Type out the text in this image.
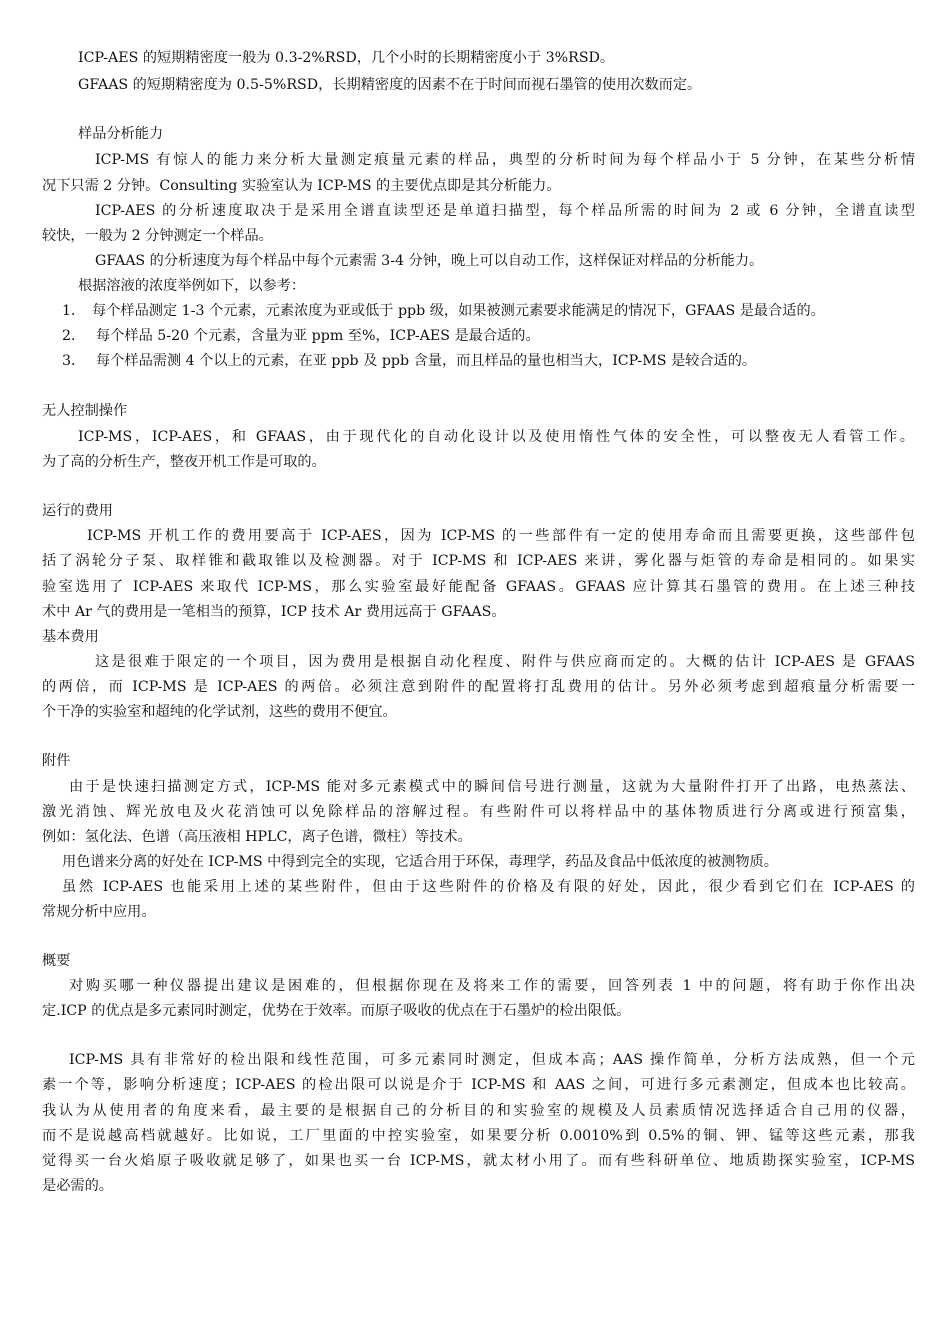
ICP-AES 的短期精密度一般为 0.3-2%RSD，几个小时的长期精密度小于 3%RSD。

GFAAS 的短期精密度为 0.5-5%RSD，长期精密度的因素不在于时间而视石墨管的使用次数而定。

样品分析能力

ICP-MS 有惊人的能力来分析大量测定痕量元素的样品，典型的分析时间为每个样品小于 5 分钟，在某些分析情

况下只需 2 分钟。Consulting 实验室认为 ICP-MS 的主要优点即是其分析能力。

ICP-AES 的分析速度取决于是采用全谱直读型还是单道扫描型，每个样品所需的时间为 2 或 6 分钟，全谱直读型

较快，一般为 2 分钟测定一个样品。

GFAAS 的分析速度为每个样品中每个元素需 3-4 分钟，晚上可以自动工作，这样保证对样品的分析能力。

根据溶液的浓度举例如下，以参考：

1． 每个样品测定 1-3 个元素，元素浓度为亚或低于 ppb 级，如果被测元素要求能满足的情况下，GFAAS 是最合适的。

2． 每个样品 5-20 个元素，含量为亚 ppm 至%，ICP-AES 是最合适的。

3． 每个样品需测 4 个以上的元素，在亚 ppb 及 ppb 含量，而且样品的量也相当大，ICP-MS 是较合适的。

无人控制操作

ICP-MS，ICP-AES，和 GFAAS，由于现代化的自动化设计以及使用惰性气体的安全性，可以整夜无人看管工作。

为了高的分析生产，整夜开机工作是可取的。

运行的费用

ICP-MS 开机工作的费用要高于 ICP-AES，因为 ICP-MS 的一些部件有一定的使用寿命而且需要更换，这些部件包

括了涡轮分子泵、取样锥和截取锥以及检测器。对于 ICP-MS 和 ICP-AES 来讲，雾化器与炬管的寿命是相同的。如果实

验室选用了 ICP-AES 来取代 ICP-MS，那么实验室最好能配备 GFAAS。GFAAS 应计算其石墨管的费用。在上述三种技

术中 Ar 气的费用是一笔相当的预算，ICP 技术 Ar 费用远高于 GFAAS。

基本费用

这是很难于限定的一个项目，因为费用是根据自动化程度、附件与供应商而定的。大概的估计 ICP-AES 是 GFAAS

的两倍，而 ICP-MS 是 ICP-AES 的两倍。必须注意到附件的配置将打乱费用的估计。另外必须考虑到超痕量分析需要一

个干净的实验室和超纯的化学试剂，这些的费用不便宜。

附件

由于是快速扫描测定方式，ICP-MS 能对多元素模式中的瞬间信号进行测量，这就为大量附件打开了出路，电热蒸法、

激光消蚀、辉光放电及火花消蚀可以免除样品的溶解过程。有些附件可以将样品中的基体物质进行分离或进行预富集，

例如：氢化法、色谱（高压液相 HPLC，离子色谱，微柱）等技术。

用色谱来分离的好处在 ICP-MS 中得到完全的实现，它适合用于环保，毒理学，药品及食品中低浓度的被测物质。

虽然 ICP-AES 也能采用上述的某些附件，但由于这些附件的价格及有限的好处，因此，很少看到它们在 ICP-AES 的

常规分析中应用。

概要

对购买哪一种仪器提出建议是困难的，但根据你现在及将来工作的需要，回答列表 1 中的问题，将有助于你作出决

定.ICP 的优点是多元素同时测定，优势在于效率。而原子吸收的优点在于石墨炉的检出限低。

ICP-MS 具有非常好的检出限和线性范围，可多元素同时测定，但成本高；AAS 操作简单，分析方法成熟，但一个元

素一个等，影响分析速度；ICP-AES 的检出限可以说是介于 ICP-MS 和 AAS 之间，可进行多元素测定，但成本也比较高。

我认为从使用者的角度来看，最主要的是根据自己的分析目的和实验室的规模及人员素质情况选择适合自己用的仪器，

而不是说越高档就越好。比如说，工厂里面的中控实验室，如果要分析 0.0010%到 0.5%的铜、钾、锰等这些元素，那我

觉得买一台火焰原子吸收就足够了，如果也买一台 ICP-MS，就太材小用了。而有些科研单位、地质勘探实验室，ICP-MS

是必需的。
